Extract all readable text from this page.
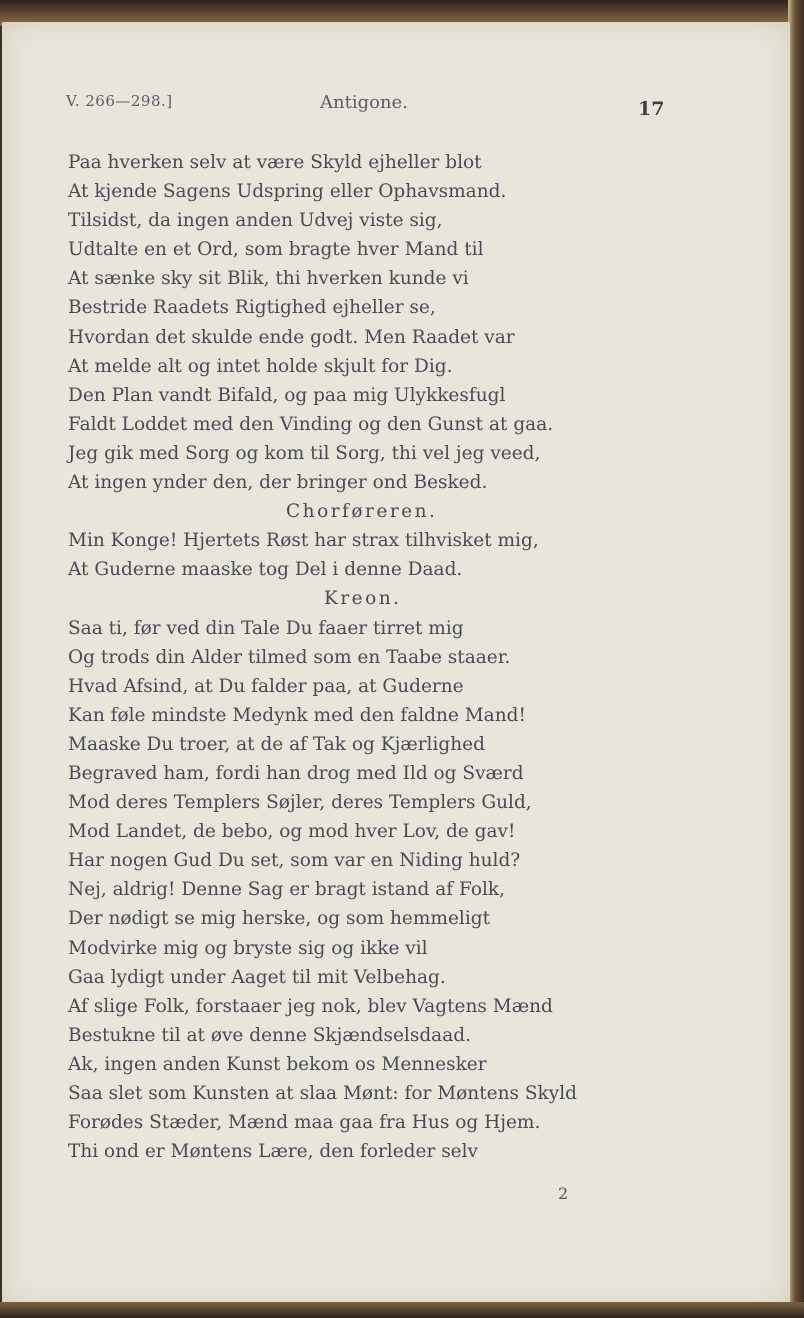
V. 266—298.]	Antigone.	17
Paa hverken selv at være Skyld ejheller blot
At kjende Sagens Udspring eller Ophavsmand.
Tilsidst, da ingen anden Udvej viste sig,
Udtalte en et Ord, som bragte hver Mand til
At sænke sky sit Blik, thi hverken kunde vi
Bestride Raadets Rigtighed ejheller se,
Hvordan det skulde ende godt. Men Raadet var
At melde alt og intet holde skjult for Dig.
Den Plan vandt Bifald, og paa mig Ulykkesfugl
Faldt Loddet med den Vinding og den Gunst at gaa.
Jeg gik med Sorg og kom til Sorg, thi vel jeg veed,
At ingen ynder den, der bringer ond Besked.
Chorføreren.
Min Konge! Hjertets Røst har strax tilhvisket mig,
At Guderne maaske tog Del i denne Daad.
Kreon.
Saa ti, før ved din Tale Du faaer tirret mig
Og trods din Alder tilmed som en Taabe staaer.
Hvad Afsind, at Du falder paa, at Guderne
Kan føle mindste Medynk med den faldne Mand!
Maaske Du troer, at de af Tak og Kjærlighed
Begraved ham, fordi han drog med Ild og Sværd
Mod deres Templers Søjler, deres Templers Guld,
Mod Landet, de bebo, og mod hver Lov, de gav!
Har nogen Gud Du set, som var en Niding huld?
Nej, aldrig! Denne Sag er bragt istand af Folk,
Der nødigt se mig herske, og som hemmeligt
Modvirke mig og bryste sig og ikke vil
Gaa lydigt under Aaget til mit Velbehag.
Af slige Folk, forstaaer jeg nok, blev Vagtens Mænd
Bestukne til at øve denne Skjændselsdaad.
Ak, ingen anden Kunst bekom os Mennesker
Saa slet som Kunsten at slaa Mønt: for Møntens Skyld
Forødes Stæder, Mænd maa gaa fra Hus og Hjem.
Thi ond er Møntens Lære, den forleder selv
2
